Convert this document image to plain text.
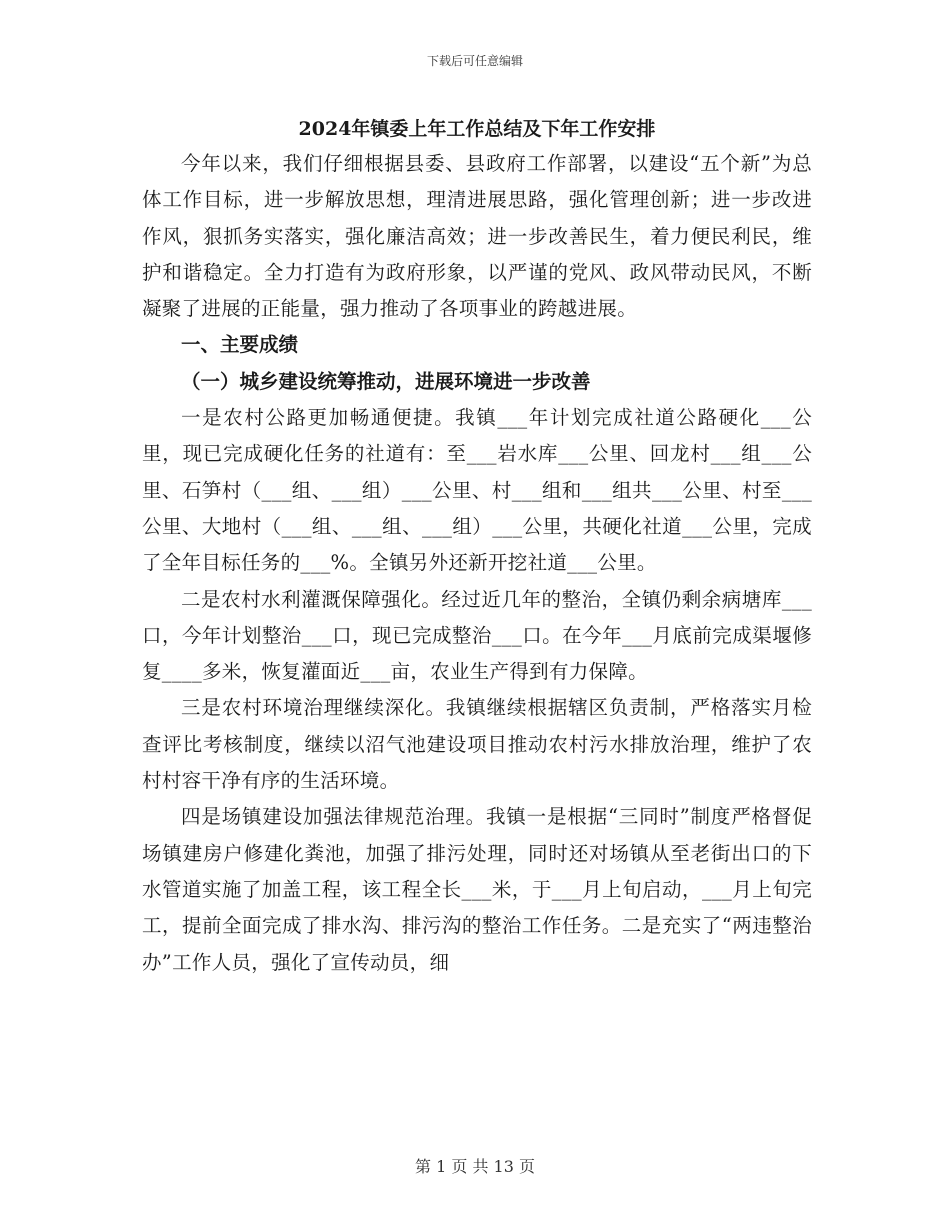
下载后可任意编辑
2024年镇委上年工作总结及下年工作安排

今年以来，我们仔细根据县委、县政府工作部署，以建设“五个新”为总体工作目标，进一步解放思想，理清进展思路，强化管理创新；进一步改进作风，狠抓务实落实，强化廉洁高效；进一步改善民生，着力便民利民，维护和谐稳定。全力打造有为政府形象，以严谨的党风、政风带动民风，不断凝聚了进展的正能量，强力推动了各项事业的跨越进展。

一、主要成绩

（一）城乡建设统筹推动，进展环境进一步改善

一是农村公路更加畅通便捷。我镇___年计划完成社道公路硬化___公里，现已完成硬化任务的社道有：至___岩水库___公里、回龙村___组___公里、石笋村（___组、___组）___公里、村___组和___组共___公里、村至___公里、大地村（___组、___组、___组）___公里，共硬化社道___公里，完成了全年目标任务的___%。全镇另外还新开挖社道___公里。

二是农村水利灌溉保障强化。经过近几年的整治，全镇仍剩余病塘库___口，今年计划整治___口，现已完成整治___口。在今年___月底前完成渠堰修复____多米，恢复灌面近___亩，农业生产得到有力保障。

三是农村环境治理继续深化。我镇继续根据辖区负责制，严格落实月检查评比考核制度，继续以沼气池建设项目推动农村污水排放治理，维护了农村村容干净有序的生活环境。

四是场镇建设加强法律规范治理。我镇一是根据“三同时”制度严格督促场镇建房户修建化粪池，加强了排污处理，同时还对场镇从至老街出口的下水管道实施了加盖工程，该工程全长___米，于___月上旬启动，___月上旬完工，提前全面完成了排水沟、排污沟的整治工作任务。二是充实了“两违整治办”工作人员，强化了宣传动员，细

第 1 页 共 13 页
